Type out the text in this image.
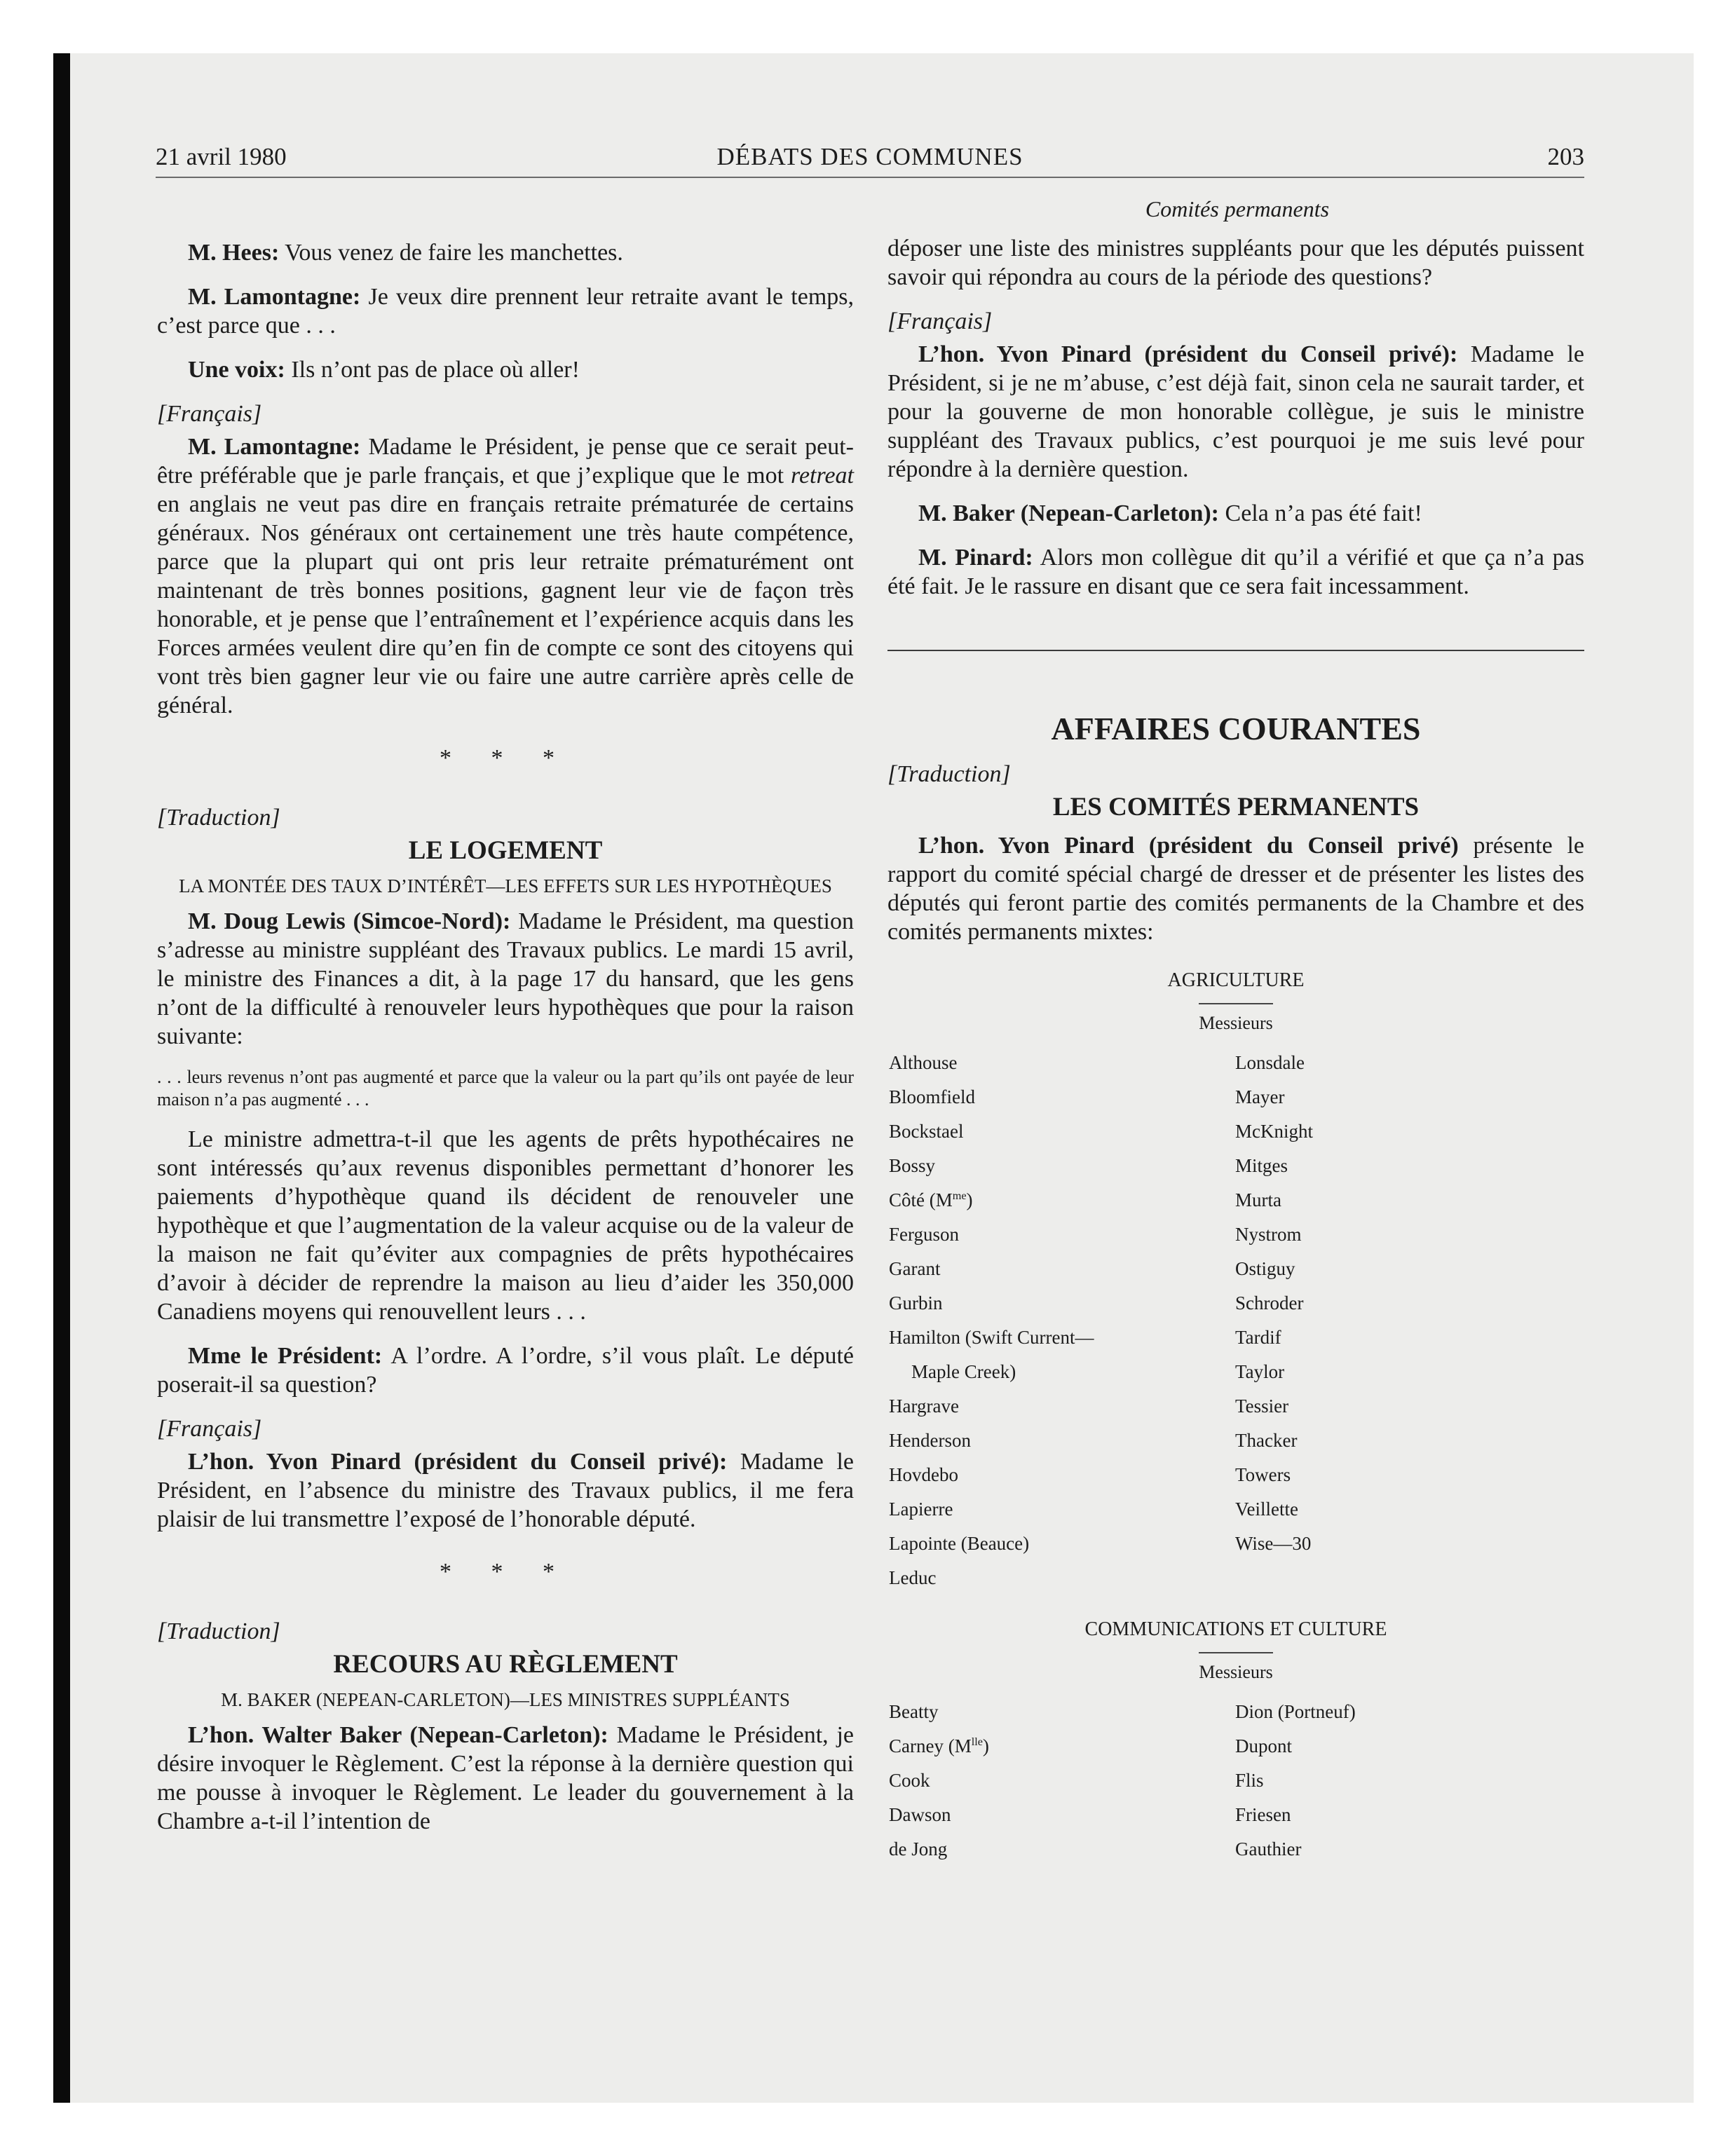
21 avril 1980	DÉBATS DES COMMUNES	203
Comités permanents

M. Hees: Vous venez de faire les manchettes.

M. Lamontagne: Je veux dire prennent leur retraite avant le temps, c’est parce que . . .

Une voix: Ils n’ont pas de place où aller!

[Français]

M. Lamontagne: Madame le Président, je pense que ce serait peut-être préférable que je parle français, et que j’explique que le mot retreat en anglais ne veut pas dire en français retraite prématurée de certains généraux. Nos généraux ont certainement une très haute compétence, parce que la plupart qui ont pris leur retraite prématurément ont maintenant de très bonnes positions, gagnent leur vie de façon très honorable, et je pense que l’entraînement et l’expérience acquis dans les Forces armées veulent dire qu’en fin de compte ce sont des citoyens qui vont très bien gagner leur vie ou faire une autre carrière après celle de général.

* * *

[Traduction]

LE LOGEMENT

LA MONTÉE DES TAUX D’INTÉRÊT—LES EFFETS SUR LES HYPOTHÈQUES

M. Doug Lewis (Simcoe-Nord): Madame le Président, ma question s’adresse au ministre suppléant des Travaux publics. Le mardi 15 avril, le ministre des Finances a dit, à la page 17 du hansard, que les gens n’ont de la difficulté à renouveler leurs hypothèques que pour la raison suivante:

. . . leurs revenus n’ont pas augmenté et parce que la valeur ou la part qu’ils ont payée de leur maison n’a pas augmenté . . .

Le ministre admettra-t-il que les agents de prêts hypothécaires ne sont intéressés qu’aux revenus disponibles permettant d’honorer les paiements d’hypothèque quand ils décident de renouveler une hypothèque et que l’augmentation de la valeur acquise ou de la valeur de la maison ne fait qu’éviter aux compagnies de prêts hypothécaires d’avoir à décider de reprendre la maison au lieu d’aider les 350,000 Canadiens moyens qui renouvellent leurs . . .

Mme le Président: A l’ordre. A l’ordre, s’il vous plaît. Le député poserait-il sa question?

[Français]

L’hon. Yvon Pinard (président du Conseil privé): Madame le Président, en l’absence du ministre des Travaux publics, il me fera plaisir de lui transmettre l’exposé de l’honorable député.

* * *

[Traduction]

RECOURS AU RÈGLEMENT

M. BAKER (NEPEAN-CARLETON)—LES MINISTRES SUPPLÉANTS

L’hon. Walter Baker (Nepean-Carleton): Madame le Président, je désire invoquer le Règlement. C’est la réponse à la dernière question qui me pousse à invoquer le Règlement. Le leader du gouvernement à la Chambre a-t-il l’intention de

déposer une liste des ministres suppléants pour que les députés puissent savoir qui répondra au cours de la période des questions?

[Français]

L’hon. Yvon Pinard (président du Conseil privé): Madame le Président, si je ne m’abuse, c’est déjà fait, sinon cela ne saurait tarder, et pour la gouverne de mon honorable collègue, je suis le ministre suppléant des Travaux publics, c’est pourquoi je me suis levé pour répondre à la dernière question.

M. Baker (Nepean-Carleton): Cela n’a pas été fait!

M. Pinard: Alors mon collègue dit qu’il a vérifié et que ça n’a pas été fait. Je le rassure en disant que ce sera fait incessamment.

AFFAIRES COURANTES

[Traduction]

LES COMITÉS PERMANENTS

L’hon. Yvon Pinard (président du Conseil privé) présente le rapport du comité spécial chargé de dresser et de présenter les listes des députés qui feront partie des comités permanents de la Chambre et des comités permanents mixtes:

AGRICULTURE

Messieurs

Althouse	Lonsdale
Bloomfield	Mayer
Bockstael	McKnight
Bossy	Mitges
Côté $(M^{me})$	Murta
Ferguson	Nystrom
Garant	Ostiguy
Gurbin	Schroder
Hamilton (Swift Current—	Tardif
Maple Creek)	Taylor
Hargrave	Tessier
Henderson	Thacker
Hovdebo	Towers
Lapierre	Veillette
Lapointe (Beauce)	Wise—30
Leduc

COMMUNICATIONS ET CULTURE

Messieurs

Beatty	Dion (Portneuf)
Carney $(M^{lle})$	Dupont
Cook	Flis
Dawson	Friesen
de Jong	Gauthier
